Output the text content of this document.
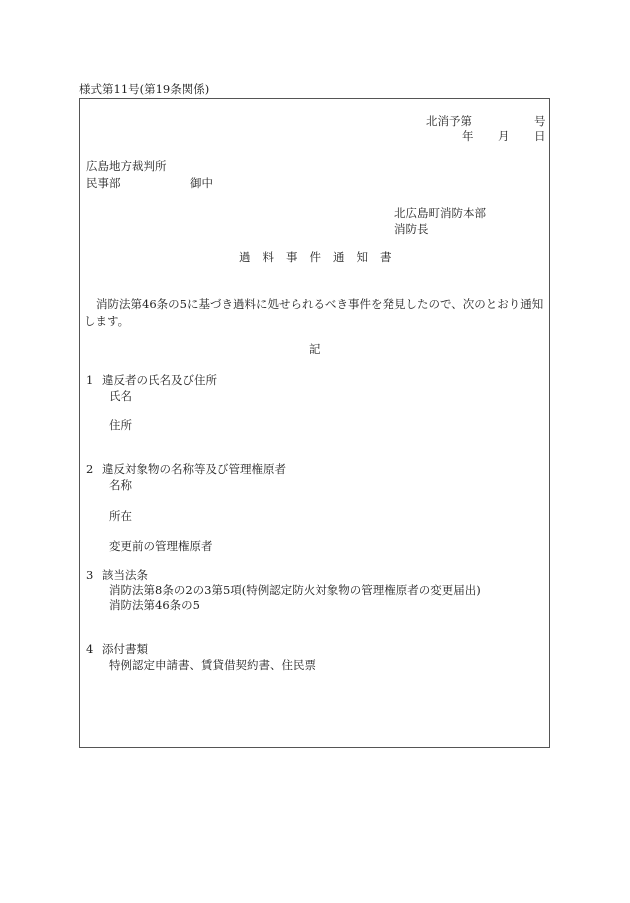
様式第11号(第19条関係)
北消予第	号
年 月 日
広島地方裁判所
民事部	御中
北広島町消防本部
消防長
過料事件通知書
消防法第46条の5に基づき過料に処せられるべき事件を発見したので、次のとおり通知します。
記
1 違反者の氏名及び住所
氏名
住所
2 違反対象物の名称等及び管理権原者
名称
所在
変更前の管理権原者
3 該当法条
消防法第8条の2の3第5項(特例認定防火対象物の管理権原者の変更届出)
消防法第46条の5
4 添付書類
特例認定申請書、賃貸借契約書、住民票
